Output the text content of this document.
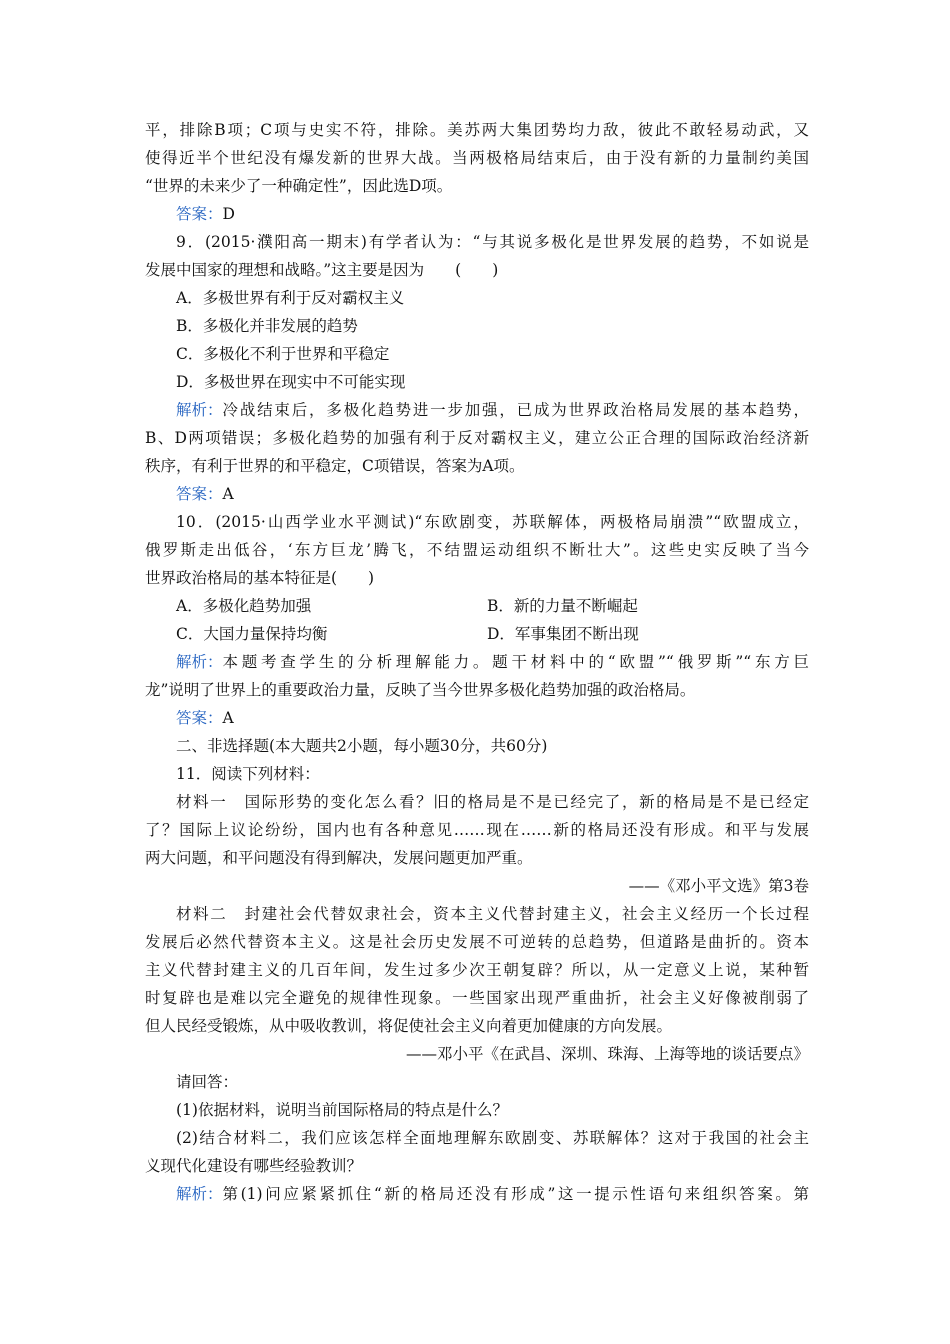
平，排除B项；C项与史实不符，排除。美苏两大集团势均力敌，彼此不敢轻易动武，又
使得近半个世纪没有爆发新的世界大战。当两极格局结束后，由于没有新的力量制约美国
“世界的未来少了一种确定性”，因此选D项。
答案：D
9．(2015·濮阳高一期末)有学者认为：“与其说多极化是世界发展的趋势，不如说是
发展中国家的理想和战略。”这主要是因为　　(　　)
A．多极世界有利于反对霸权主义
B．多极化并非发展的趋势
C．多极化不利于世界和平稳定
D．多极世界在现实中不可能实现
解析： 冷战结束后，多极化趋势进一步加强，已成为世界政治格局发展的基本趋势，
B、D两项错误；多极化趋势的加强有利于反对霸权主义，建立公正合理的国际政治经济新
秩序，有利于世界的和平稳定，C项错误，答案为A项。
答案：A
10．(2015·山西学业水平测试)“东欧剧变，苏联解体，两极格局崩溃”“欧盟成立，
俄罗斯走出低谷，‘东方巨龙’腾飞，不结盟运动组织不断壮大”。这些史实反映了当今
世界政治格局的基本特征是(　　)
A．多极化趋势加强	B．新的力量不断崛起
C．大国力量保持均衡	D．军事集团不断出现
解析： 本题考查学生的分析理解能力。题干材料中的“欧盟”“俄罗斯”“东方巨
龙”说明了世界上的重要政治力量，反映了当今世界多极化趋势加强的政治格局。
答案：A
二、非选择题(本大题共2小题，每小题30分，共60分)
11．阅读下列材料：
材料一　国际形势的变化怎么看？旧的格局是不是已经完了，新的格局是不是已经定
了？国际上议论纷纷，国内也有各种意见……现在……新的格局还没有形成。和平与发展
两大问题，和平问题没有得到解决，发展问题更加严重。
——《邓小平文选》第3卷
材料二　封建社会代替奴隶社会，资本主义代替封建主义，社会主义经历一个长过程
发展后必然代替资本主义。这是社会历史发展不可逆转的总趋势，但道路是曲折的。资本
主义代替封建主义的几百年间，发生过多少次王朝复辟？所以，从一定意义上说，某种暂
时复辟也是难以完全避免的规律性现象。一些国家出现严重曲折，社会主义好像被削弱了
但人民经受锻炼，从中吸收教训，将促使社会主义向着更加健康的方向发展。
——邓小平《在武昌、深圳、珠海、上海等地的谈话要点》
请回答：
(1)依据材料，说明当前国际格局的特点是什么？
(2)结合材料二，我们应该怎样全面地理解东欧剧变、苏联解体？这对于我国的社会主
义现代化建设有哪些经验教训？
解析： 第(1)问应紧紧抓住“新的格局还没有形成”这一提示性语句来组织答案。第
